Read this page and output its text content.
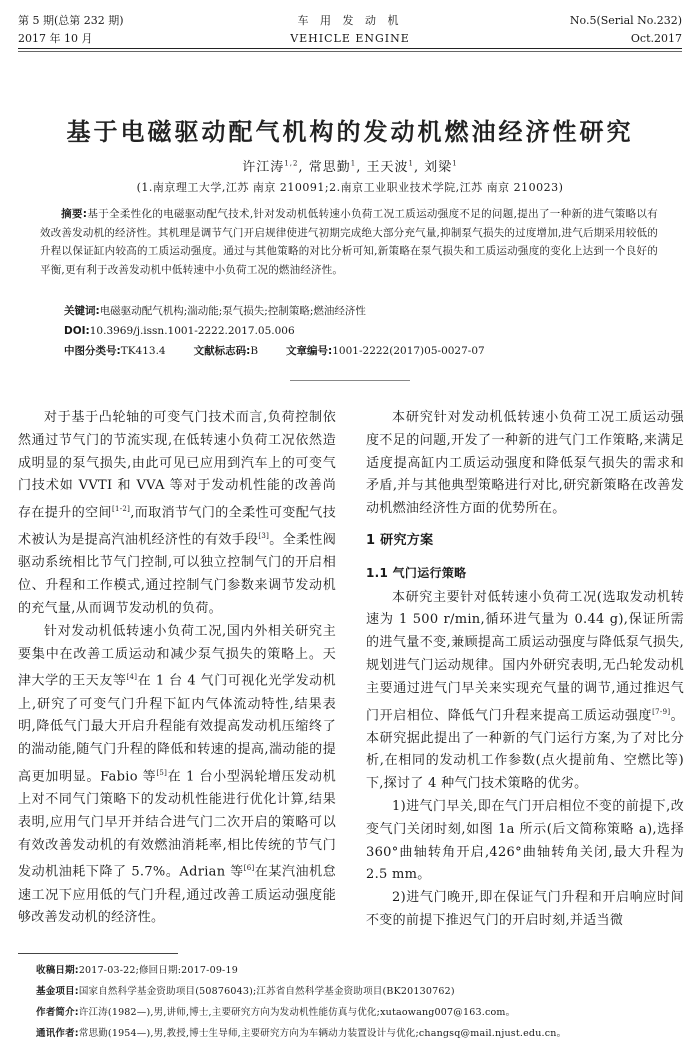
第 5 期(总第 232 期)
2017 年 10 月
车 用 发 动 机
VEHICLE ENGINE
No.5(Serial No.232)
Oct.2017
基于电磁驱动配气机构的发动机燃油经济性研究
许江涛$^{1,2}$, 常思勤$^1$, 王天波$^1$, 刘梁$^1$
(1.南京理工大学,江苏 南京 210091;2.南京工业职业技术学院,江苏 南京 210023)
摘要:基于全柔性化的电磁驱动配气技术,针对发动机低转速小负荷工况工质运动强度不足的问题,提出了一种新的进气策略以有效改善发动机的经济性。其机理是调节气门开启规律使进气初期完成绝大部分充气量,抑制泵气损失的过度增加,进气后期采用较低的升程以保证缸内较高的工质运动强度。通过与其他策略的对比分析可知,新策略在泵气损失和工质运动强度的变化上达到一个良好的平衡,更有利于改善发动机中低转速中小负荷工况的燃油经济性。
关键词:电磁驱动配气机构;湍动能;泵气损失;控制策略;燃油经济性
DOI:10.3969/j.issn.1001-2222.2017.05.006
中图分类号:TK413.4	文献标志码:B	文章编号:1001-2222(2017)05-0027-07

对于基于凸轮轴的可变气门技术而言,负荷控制依然通过节气门的节流实现,在低转速小负荷工况依然造成明显的泵气损失,由此可见已应用到汽车上的可变气门技术如 VVTI 和 VVA 等对于发动机性能的改善尚存在提升的空间[1-2],而取消节气门的全柔性可变配气技术被认为是提高汽油机经济性的有效手段[3]。全柔性阀驱动系统相比节气门控制,可以独立控制气门的开启相位、升程和工作模式,通过控制气门参数来调节发动机的充气量,从而调节发动机的负荷。

针对发动机低转速小负荷工况,国内外相关研究主要集中在改善工质运动和减少泵气损失的策略上。天津大学的王天友等[4]在 1 台 4 气门可视化光学发动机上,研究了可变气门升程下缸内气体流动特性,结果表明,降低气门最大开启升程能有效提高发动机压缩终了的湍动能,随气门升程的降低和转速的提高,湍动能的提高更加明显。Fabio 等[5]在 1 台小型涡轮增压发动机上对不同气门策略下的发动机性能进行优化计算,结果表明,应用气门早开并结合进气门二次开启的策略可以有效改善发动机的有效燃油消耗率,相比传统的节气门发动机油耗下降了 5.7%。Adrian 等[6]在某汽油机怠速工况下应用低的气门升程,通过改善工质运动强度能够改善发动机的经济性。

本研究针对发动机低转速小负荷工况工质运动强度不足的问题,开发了一种新的进气门工作策略,来满足适度提高缸内工质运动强度和降低泵气损失的需求和矛盾,并与其他典型策略进行对比,研究新策略在改善发动机燃油经济性方面的优势所在。

1 研究方案

1.1 气门运行策略

本研究主要针对低转速小负荷工况(选取发动机转速为 1 500 r/min,循环进气量为 0.44 g),保证所需的进气量不变,兼顾提高工质运动强度与降低泵气损失,规划进气门运动规律。国内外研究表明,无凸轮发动机主要通过进气门早关来实现充气量的调节,通过推迟气门开启相位、降低气门升程来提高工质运动强度[7-9]。本研究据此提出了一种新的气门运行方案,为了对比分析,在相同的发动机工作参数(点火提前角、空燃比等)下,探讨了 4 种气门技术策略的优劣。

1)进气门早关,即在气门开启相位不变的前提下,改变气门关闭时刻,如图 1a 所示(后文简称策略 a),选择 360°曲轴转角开启,426°曲轴转角关闭,最大升程为 2.5 mm。

2)进气门晚开,即在保证气门升程和开启响应时间不变的前提下推迟气门的开启时刻,并适当微

收稿日期:2017-03-22;修回日期:2017-09-19
基金项目:国家自然科学基金资助项目(50876043);江苏省自然科学基金资助项目(BK20130762)
作者简介:许江涛(1982—),男,讲师,博士,主要研究方向为发动机性能仿真与优化;xutaowang007@163.com。
通讯作者:常思勤(1954—),男,教授,博士生导师,主要研究方向为车辆动力装置设计与优化;changsq@mail.njust.edu.cn。
